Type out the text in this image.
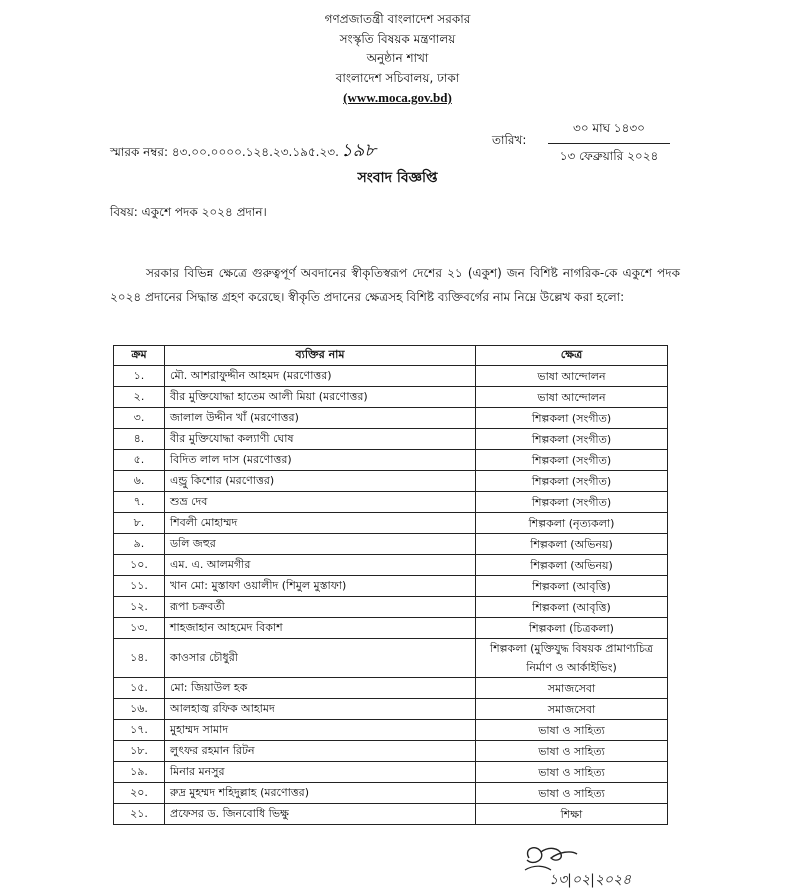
গণপ্রজাতন্ত্রী বাংলাদেশ সরকার
সংস্কৃতি বিষয়ক মন্ত্রণালয়
অনুষ্ঠান শাখা
বাংলাদেশ সচিবালয়, ঢাকা
(www.moca.gov.bd)
স্মারক নম্বর: ৪৩.০০.০০০০.১২৪.২৩.১৯৫.২৩. ১৯৮	তারিখ:
৩০ মাঘ ১৪৩০
১৩ ফেব্রুয়ারি ২০২৪
সংবাদ বিজ্ঞপ্তি
বিষয়: একুশে পদক ২০২৪ প্রদান।
সরকার বিভিন্ন ক্ষেত্রে গুরুত্বপূর্ণ অবদানের স্বীকৃতিস্বরূপ দেশের ২১ (একুশ) জন বিশিষ্ট নাগরিক-কে একুশে পদক ২০২৪ প্রদানের সিদ্ধান্ত গ্রহণ করেছে। স্বীকৃতি প্রদানের ক্ষেত্রসহ বিশিষ্ট ব্যক্তিবর্গের নাম নিম্নে উল্লেখ করা হলো:
ক্রম	ব্যক্তির নাম	ক্ষেত্র
১.	মৌ. আশরাফুদ্দীন আহমদ (মরণোত্তর)	ভাষা আন্দোলন
২.	বীর মুক্তিযোদ্ধা হাতেম আলী মিয়া (মরণোত্তর)	ভাষা আন্দোলন
৩.	জালাল উদ্দীন খাঁ (মরণোত্তর)	শিল্পকলা (সংগীত)
৪.	বীর মুক্তিযোদ্ধা কল্যাণী ঘোষ	শিল্পকলা (সংগীত)
৫.	বিদিত লাল দাস (মরণোত্তর)	শিল্পকলা (সংগীত)
৬.	এন্ড্রু কিশোর (মরণোত্তর)	শিল্পকলা (সংগীত)
৭.	শুভ্র দেব	শিল্পকলা (সংগীত)
৮.	শিবলী মোহাম্মদ	শিল্পকলা (নৃত্যকলা)
৯.	ডলি জহুর	শিল্পকলা (অভিনয়)
১০.	এম. এ. আলমগীর	শিল্পকলা (অভিনয়)
১১.	খান মো: মুস্তাফা ওয়ালীদ (শিমুল মুস্তাফা)	শিল্পকলা (আবৃত্তি)
১২.	রূপা চক্রবর্তী	শিল্পকলা (আবৃত্তি)
১৩.	শাহজাহান আহমেদ বিকাশ	শিল্পকলা (চিত্রকলা)
১৪.	কাওসার চৌধুরী	শিল্পকলা (মুক্তিযুদ্ধ বিষয়ক প্রামাণ্যচিত্র নির্মাণ ও আর্কাইভিং)
১৫.	মো: জিয়াউল হক	সমাজসেবা
১৬.	আলহাজ্ব রফিক আহামদ	সমাজসেবা
১৭.	মুহাম্মদ সামাদ	ভাষা ও সাহিত্য
১৮.	লুৎফর রহমান রিটন	ভাষা ও সাহিত্য
১৯.	মিনার মনসুর	ভাষা ও সাহিত্য
২০.	রুদ্র মুহম্মদ শহিদুল্লাহ (মরণোত্তর)	ভাষা ও সাহিত্য
২১.	প্রফেসর ড. জিনবোধি ভিক্ষু	শিক্ষা
১৩|০২|২০২৪
